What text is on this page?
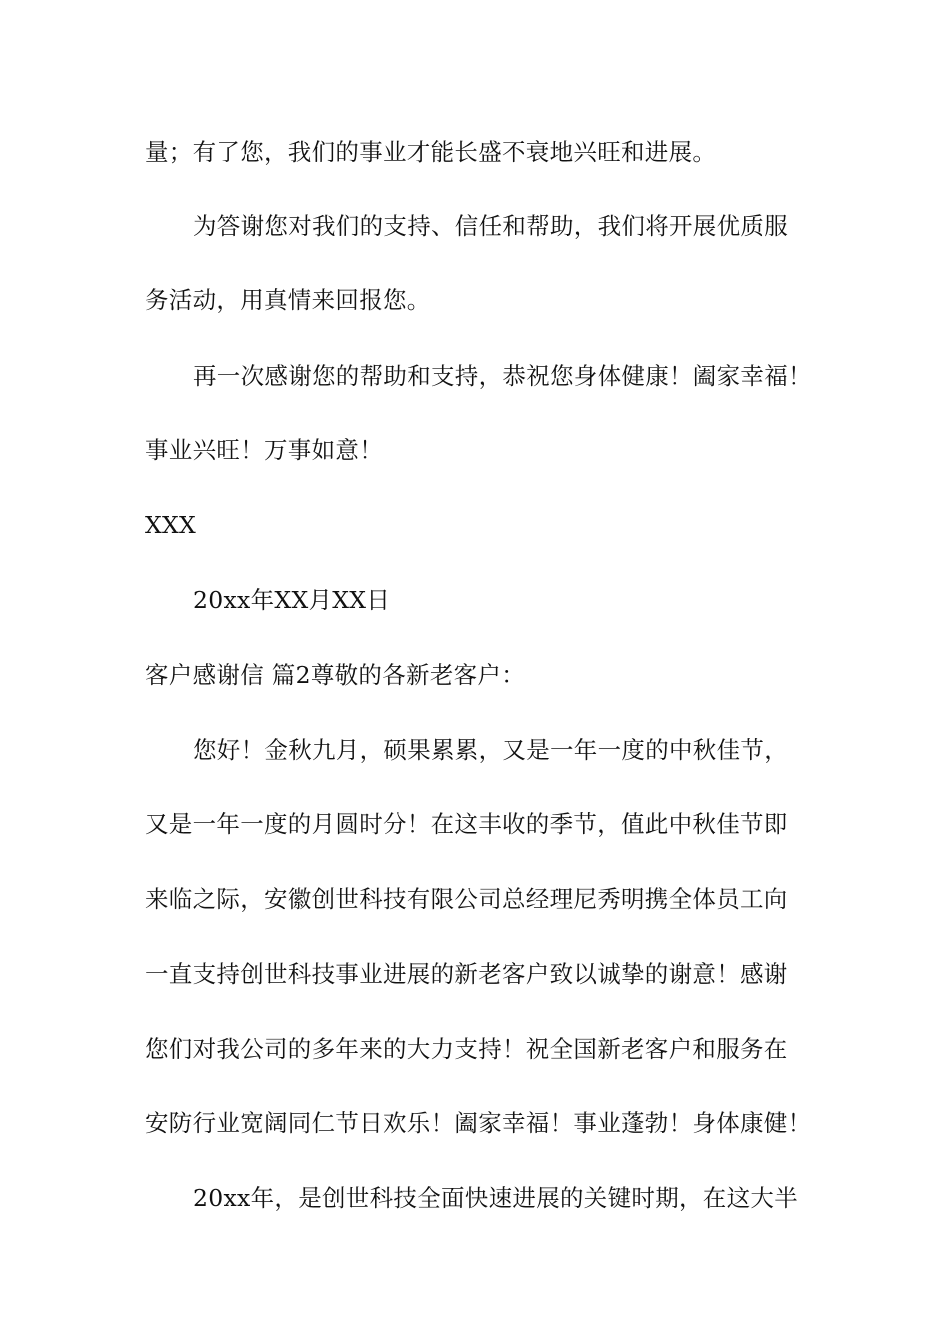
量；有了您，我们的事业才能长盛不衰地兴旺和进展。

为答谢您对我们的支持、信任和帮助，我们将开展优质服

务活动，用真情来回报您。

再一次感谢您的帮助和支持，恭祝您身体健康！阖家幸福！

事业兴旺！万事如意！

XXX

20xx年XX月XX日

客户感谢信 篇2尊敬的各新老客户：

您好！金秋九月，硕果累累，又是一年一度的中秋佳节，

又是一年一度的月圆时分！在这丰收的季节，值此中秋佳节即

来临之际，安徽创世科技有限公司总经理尼秀明携全体员工向

一直支持创世科技事业进展的新老客户致以诚挚的谢意！感谢

您们对我公司的多年来的大力支持！祝全国新老客户和服务在

安防行业宽阔同仁节日欢乐！阖家幸福！事业蓬勃！身体康健！

20xx年，是创世科技全面快速进展的关键时期，在这大半
